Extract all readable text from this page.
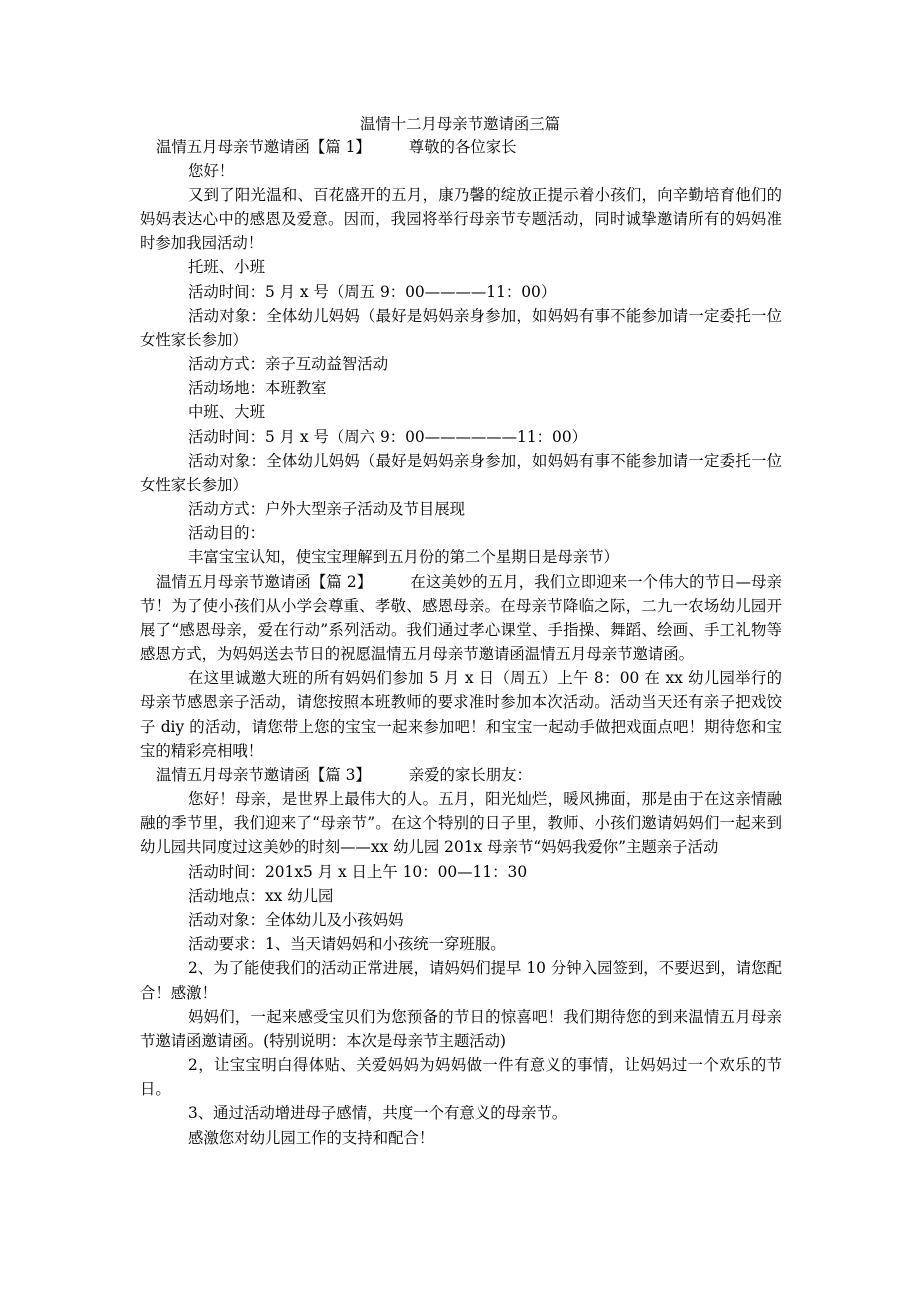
温情十二月母亲节邀请函三篇

温情五月母亲节邀请函【篇 1】 尊敬的各位家长

您好！

又到了阳光温和、百花盛开的五月，康乃馨的绽放正提示着小孩们，向辛勤培育他们的妈妈表达心中的感恩及爱意。因而，我园将举行母亲节专题活动，同时诚挚邀请所有的妈妈准时参加我园活动！

托班、小班

活动时间：5 月 x 号（周五 9：00————11：00）

活动对象：全体幼儿妈妈（最好是妈妈亲身参加，如妈妈有事不能参加请一定委托一位女性家长参加）

活动方式：亲子互动益智活动

活动场地：本班教室

中班、大班

活动时间：5 月 x 号（周六 9：00——————11：00）

活动对象：全体幼儿妈妈（最好是妈妈亲身参加，如妈妈有事不能参加请一定委托一位女性家长参加）

活动方式：户外大型亲子活动及节目展现

活动目的：

丰富宝宝认知，使宝宝理解到五月份的第二个星期日是母亲节）

温情五月母亲节邀请函【篇 2】 在这美妙的五月，我们立即迎来一个伟大的节日—母亲节！为了使小孩们从小学会尊重、孝敬、感恩母亲。在母亲节降临之际，二九一农场幼儿园开展了“感恩母亲，爱在行动”系列活动。我们通过孝心课堂、手指操、舞蹈、绘画、手工礼物等感恩方式，为妈妈送去节日的祝愿温情五月母亲节邀请函温情五月母亲节邀请函。

在这里诚邀大班的所有妈妈们参加 5 月 x 日（周五）上午 8：00 在 xx 幼儿园举行的母亲节感恩亲子活动，请您按照本班教师的要求准时参加本次活动。活动当天还有亲子把戏饺子 diy 的活动，请您带上您的宝宝一起来参加吧！和宝宝一起动手做把戏面点吧！期待您和宝宝的精彩亮相哦！

温情五月母亲节邀请函【篇 3】 亲爱的家长朋友：

您好！母亲，是世界上最伟大的人。五月，阳光灿烂，暖风拂面，那是由于在这亲情融融的季节里，我们迎来了“母亲节”。在这个特别的日子里，教师、小孩们邀请妈妈们一起来到幼儿园共同度过这美妙的时刻——xx 幼儿园 201x 母亲节“妈妈我爱你”主题亲子活动

活动时间：201x5 月 x 日上午 10：00—11：30

活动地点：xx 幼儿园

活动对象：全体幼儿及小孩妈妈

活动要求：1、当天请妈妈和小孩统一穿班服。

2、为了能使我们的活动正常进展，请妈妈们提早 10 分钟入园签到，不要迟到，请您配合！感激！

妈妈们，一起来感受宝贝们为您预备的节日的惊喜吧！我们期待您的到来温情五月母亲节邀请函邀请函。(特别说明：本次是母亲节主题活动)

2，让宝宝明白得体贴、关爱妈妈为妈妈做一件有意义的事情，让妈妈过一个欢乐的节日。

3、通过活动增进母子感情，共度一个有意义的母亲节。

感激您对幼儿园工作的支持和配合！
